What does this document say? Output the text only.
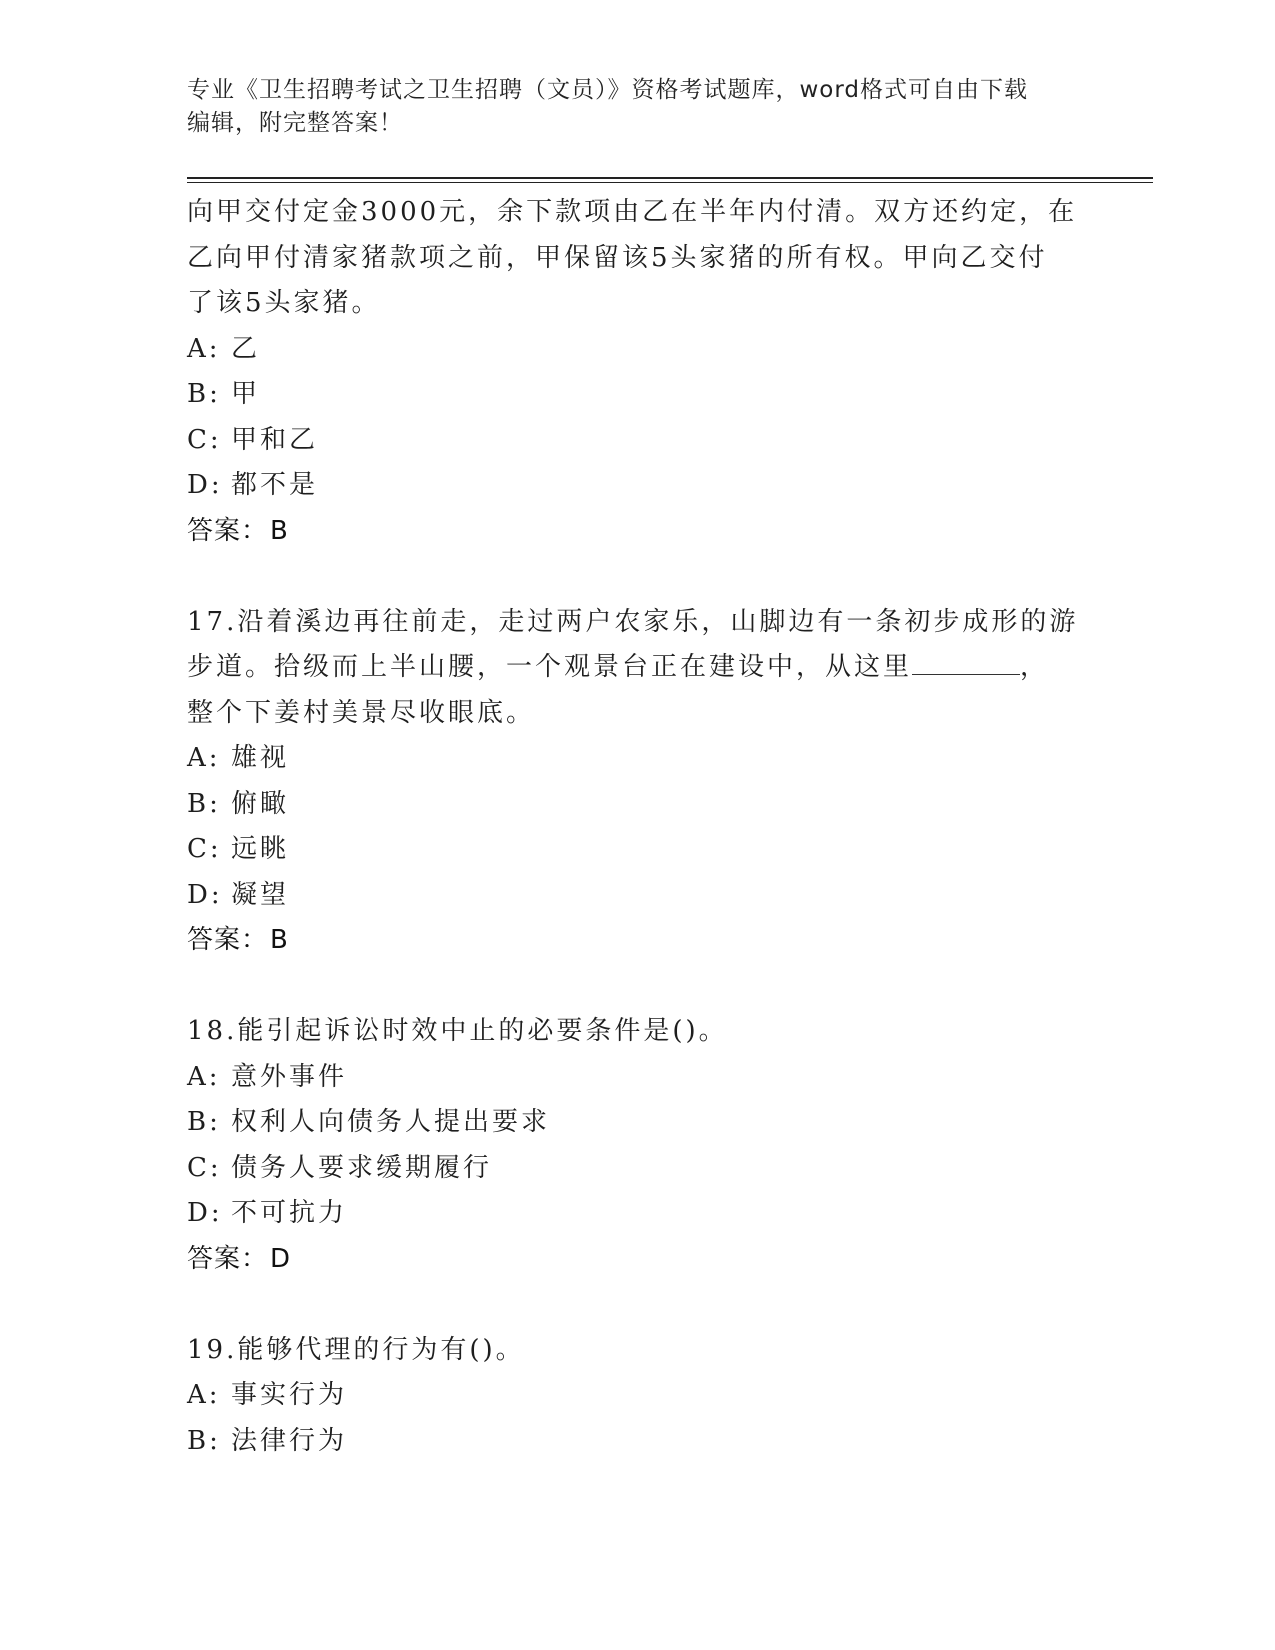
专业《卫生招聘考试之卫生招聘（文员）》资格考试题库，word格式可自由下载
编辑，附完整答案！
向甲交付定金3000元，余下款项由乙在半年内付清。双方还约定，在
乙向甲付清家猪款项之前，甲保留该5头家猪的所有权。甲向乙交付
了该5头家猪。
A: 乙
B: 甲
C: 甲和乙
D: 都不是
答案：B
17.沿着溪边再往前走，走过两户农家乐，山脚边有一条初步成形的游
步道。拾级而上半山腰，一个观景台正在建设中，从这里	，
整个下姜村美景尽收眼底。
A: 雄视
B: 俯瞰
C: 远眺
D: 凝望
答案：B
18.能引起诉讼时效中止的必要条件是()。
A: 意外事件
B: 权利人向债务人提出要求
C: 债务人要求缓期履行
D: 不可抗力
答案：D
19.能够代理的行为有()。
A: 事实行为
B: 法律行为
